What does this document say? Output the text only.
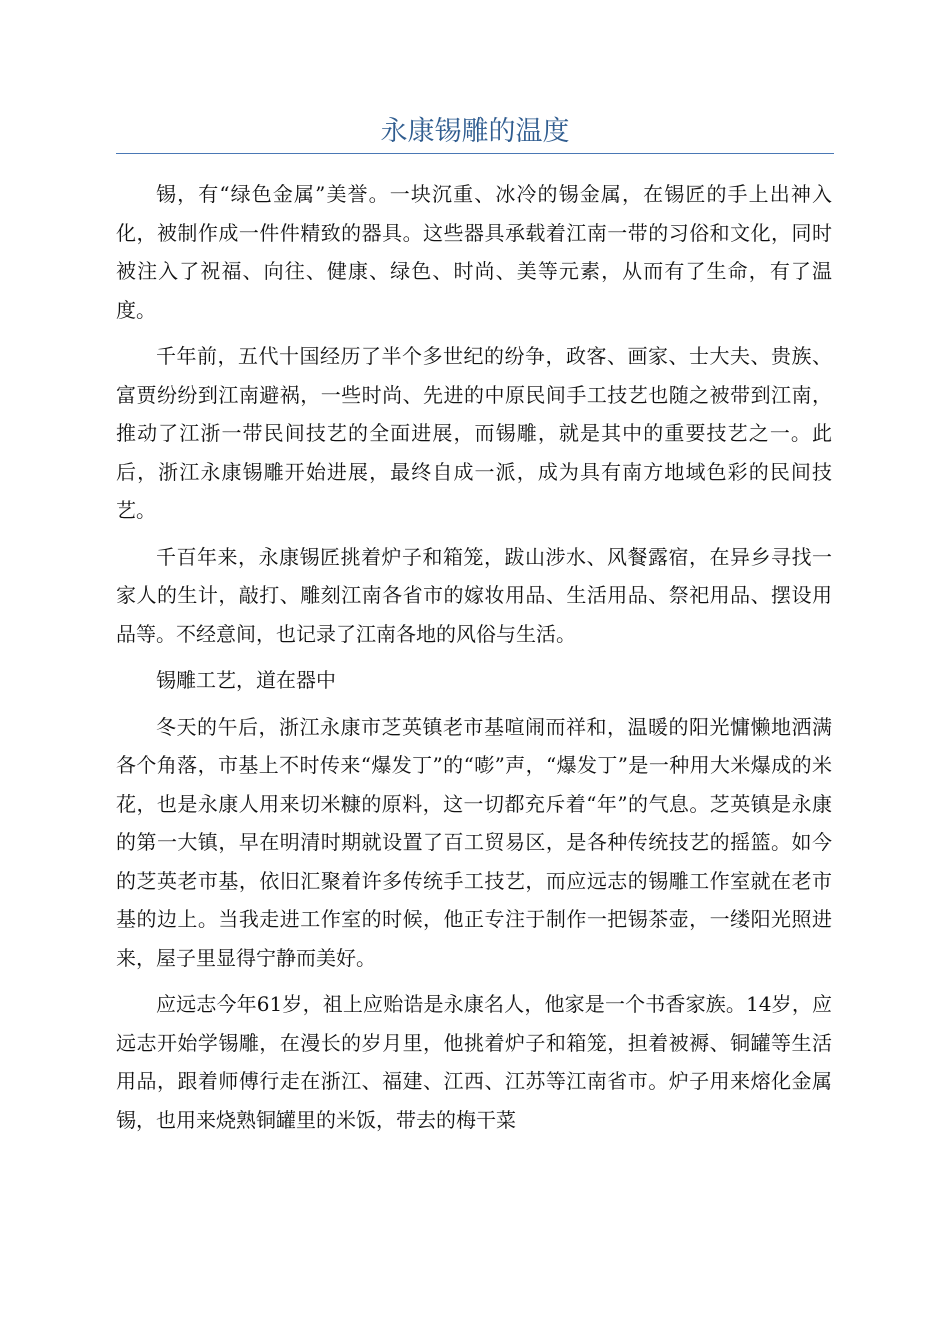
永康锡雕的温度

锡，有“绿色金属”美誉。一块沉重、冰冷的锡金属，在锡匠的手上出神入化，被制作成一件件精致的器具。这些器具承载着江南一带的习俗和文化，同时被注入了祝福、向往、健康、绿色、时尚、美等元素，从而有了生命，有了温度。

千年前，五代十国经历了半个多世纪的纷争，政客、画家、士大夫、贵族、富贾纷纷到江南避祸，一些时尚、先进的中原民间手工技艺也随之被带到江南，推动了江浙一带民间技艺的全面进展，而锡雕，就是其中的重要技艺之一。此后，浙江永康锡雕开始进展，最终自成一派，成为具有南方地域色彩的民间技艺。

千百年来，永康锡匠挑着炉子和箱笼，跋山涉水、风餐露宿，在异乡寻找一家人的生计，敲打、雕刻江南各省市的嫁妆用品、生活用品、祭祀用品、摆设用品等。不经意间，也记录了江南各地的风俗与生活。

锡雕工艺，道在器中

冬天的午后，浙江永康市芝英镇老市基喧闹而祥和，温暖的阳光慵懒地洒满各个角落，市基上不时传来“爆发丁”的“嘭”声，“爆发丁”是一种用大米爆成的米花，也是永康人用来切米糠的原料，这一切都充斥着“年”的气息。芝英镇是永康的第一大镇，早在明清时期就设置了百工贸易区，是各种传统技艺的摇篮。如今的芝英老市基，依旧汇聚着许多传统手工技艺，而应远志的锡雕工作室就在老市基的边上。当我走进工作室的时候，他正专注于制作一把锡茶壶，一缕阳光照进来，屋子里显得宁静而美好。

应远志今年61岁，祖上应贻诰是永康名人，他家是一个书香家族。14岁，应远志开始学锡雕，在漫长的岁月里，他挑着炉子和箱笼，担着被褥、铜罐等生活用品，跟着师傅行走在浙江、福建、江西、江苏等江南省市。炉子用来熔化金属锡，也用来烧熟铜罐里的米饭，带去的梅干菜
